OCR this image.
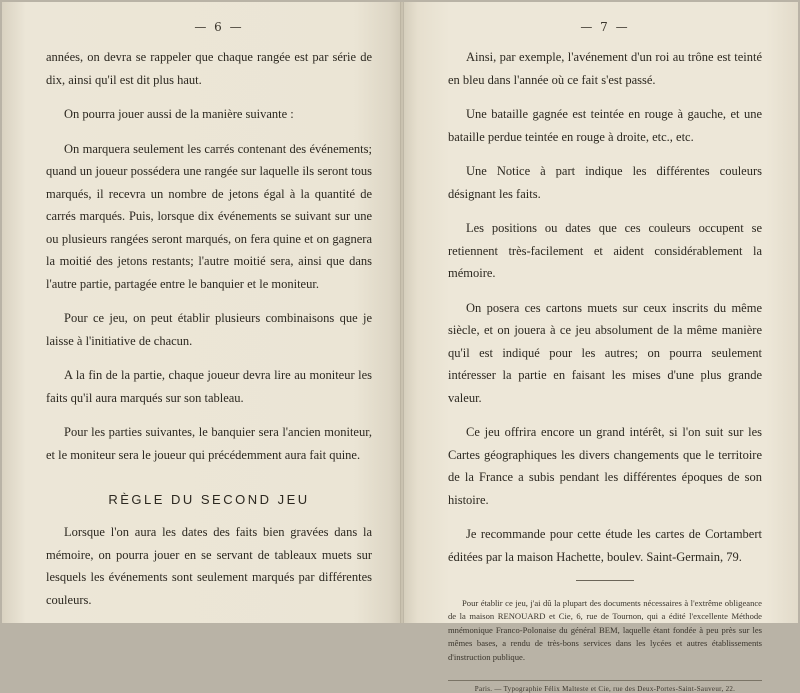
— 6 —

années, on devra se rappeler que chaque rangée est par série de dix, ainsi qu'il est dit plus haut.

On pourra jouer aussi de la manière suivante :

On marquera seulement les carrés contenant des événements; quand un joueur possédera une rangée sur laquelle ils seront tous marqués, il recevra un nombre de jetons égal à la quantité de carrés marqués. Puis, lorsque dix événements se suivant sur une ou plusieurs rangées seront marqués, on fera quine et on gagnera la moitié des jetons restants; l'autre moitié sera, ainsi que dans l'autre partie, partagée entre le banquier et le moniteur.

Pour ce jeu, on peut établir plusieurs combinaisons que je laisse à l'initiative de chacun.

A la fin de la partie, chaque joueur devra lire au moniteur les faits qu'il aura marqués sur son tableau.

Pour les parties suivantes, le banquier sera l'ancien moniteur, et le moniteur sera le joueur qui précédemment aura fait quine.

RÈGLE DU SECOND JEU

Lorsque l'on aura les dates des faits bien gravées dans la mémoire, on pourra jouer en se servant de tableaux muets sur lesquels les événements sont seulement marqués par différentes couleurs.

— 7 —

Ainsi, par exemple, l'avénement d'un roi au trône est teinté en bleu dans l'année où ce fait s'est passé.

Une bataille gagnée est teintée en rouge à gauche, et une bataille perdue teintée en rouge à droite, etc., etc.

Une Notice à part indique les différentes couleurs désignant les faits.

Les positions ou dates que ces couleurs occupent se retiennent très-facilement et aident considérablement la mémoire.

On posera ces cartons muets sur ceux inscrits du même siècle, et on jouera à ce jeu absolument de la même manière qu'il est indiqué pour les autres; on pourra seulement intéresser la partie en faisant les mises d'une plus grande valeur.

Ce jeu offrira encore un grand intérêt, si l'on suit sur les Cartes géographiques les divers changements que le territoire de la France a subis pendant les différentes époques de son histoire.

Je recommande pour cette étude les cartes de Cortambert éditées par la maison Hachette, boulev. Saint-Germain, 79.

Pour établir ce jeu, j'ai dû la plupart des documents nécessaires à l'extrême obligeance de la maison RENOUARD et Cie, 6, rue de Tournon, qui a édité l'excellente Méthode mnémonique Franco-Polonaise du général BEM, laquelle étant fondée à peu près sur les mêmes bases, a rendu de très-bons services dans les lycées et autres établissements d'instruction publique.

Paris. — Typographie Félix Malteste et Cie, rue des Deux-Portes-Saint-Sauveur, 22.
